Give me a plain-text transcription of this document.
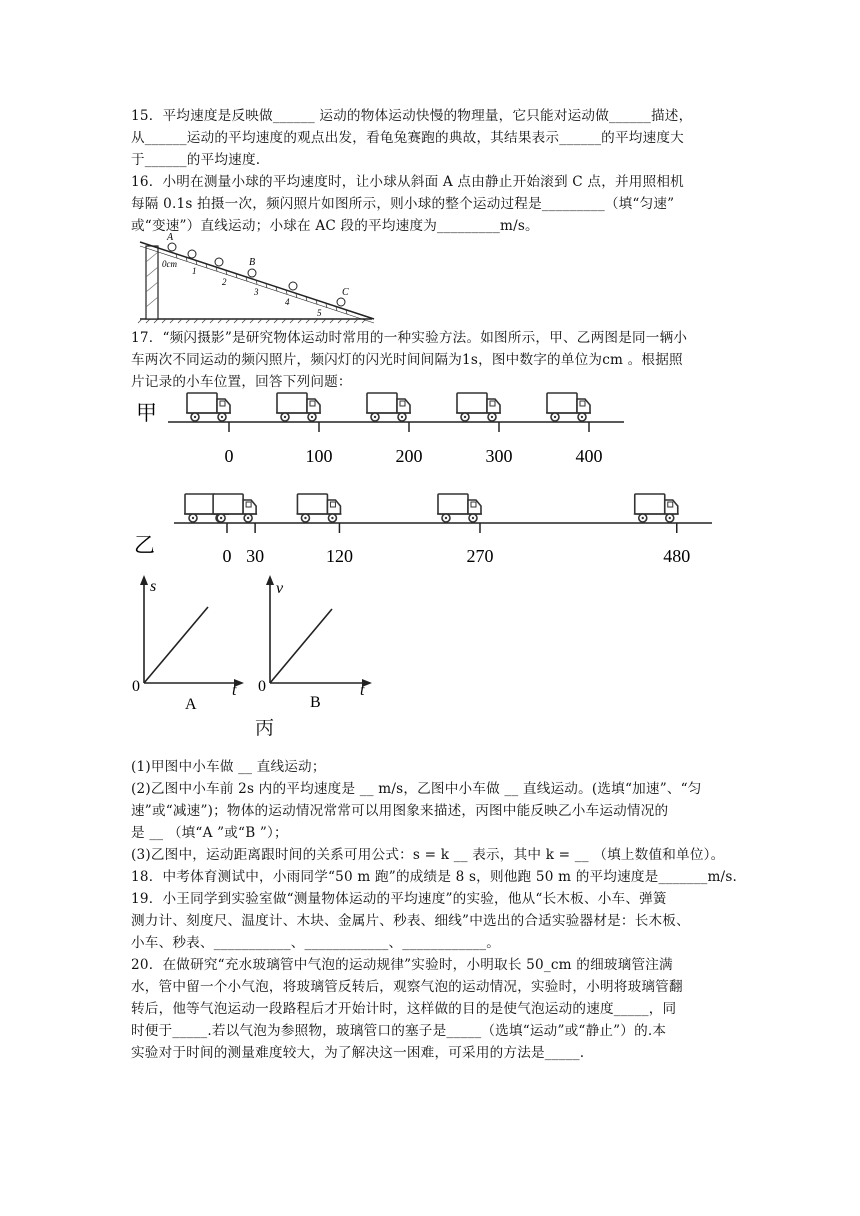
15．平均速度是反映做______ 运动的物体运动快慢的物理量，它只能对运动做______描述，
从______运动的平均速度的观点出发，看龟兔赛跑的典故，其结果表示______的平均速度大
于______的平均速度.
16．小明在测量小球的平均速度时，让小球从斜面 A 点由静止开始滚到 C 点，并用照相机
每隔 0.1s 拍摄一次，频闪照片如图所示，则小球的整个运动过程是_________（填“匀速”
或“变速”）直线运动；小球在 AC 段的平均速度为_________m/s。
A
B
C
0cm
1
2
3
4
5
17．“频闪摄影”是研究物体运动时常用的一种实验方法。如图所示，甲、乙两图是同一辆小
车两次不同运动的频闪照片，频闪灯的闪光时间间隔为1s，图中数字的单位为cm 。根据照
片记录的小车位置，回答下列问题：
甲
0	100	200	300	400
乙	0 30	120	270	480
s
t
0
A
v
t
0
B
丙
(1)甲图中小车做 __ 直线运动；
(2)乙图中小车前 2s 内的平均速度是 __ m/s，乙图中小车做 __ 直线运动。(选填“加速”、“匀
速”或“减速”)；物体的运动情况常常可以用图象来描述，丙图中能反映乙小车运动情况的
是 __ （填“A ”或“B ”）；
(3)乙图中，运动距离跟时间的关系可用公式：s = k __ 表示，其中 k = __ （填上数值和单位）。
18．中考体育测试中，小雨同学“50 m 跑”的成绩是 8 s，则他跑 50 m 的平均速度是_______m/s.
19．小王同学到实验室做“测量物体运动的平均速度”的实验，他从“长木板、小车、弹簧
测力计、刻度尺、温度计、木块、金属片、秒表、细线”中选出的合适实验器材是：长木板、
小车、秒表、___________、____________、____________。
20．在做研究“充水玻璃管中气泡的运动规律”实验时，小明取长 50_cm 的细玻璃管注满
水，管中留一个小气泡，将玻璃管反转后，观察气泡的运动情况，实验时，小明将玻璃管翻
转后，他等气泡运动一段路程后才开始计时，这样做的目的是使气泡运动的速度_____，同
时便于_____.若以气泡为参照物，玻璃管口的塞子是_____（选填“运动”或“静止”）的.本
实验对于时间的测量难度较大，为了解决这一困难，可采用的方法是_____.
